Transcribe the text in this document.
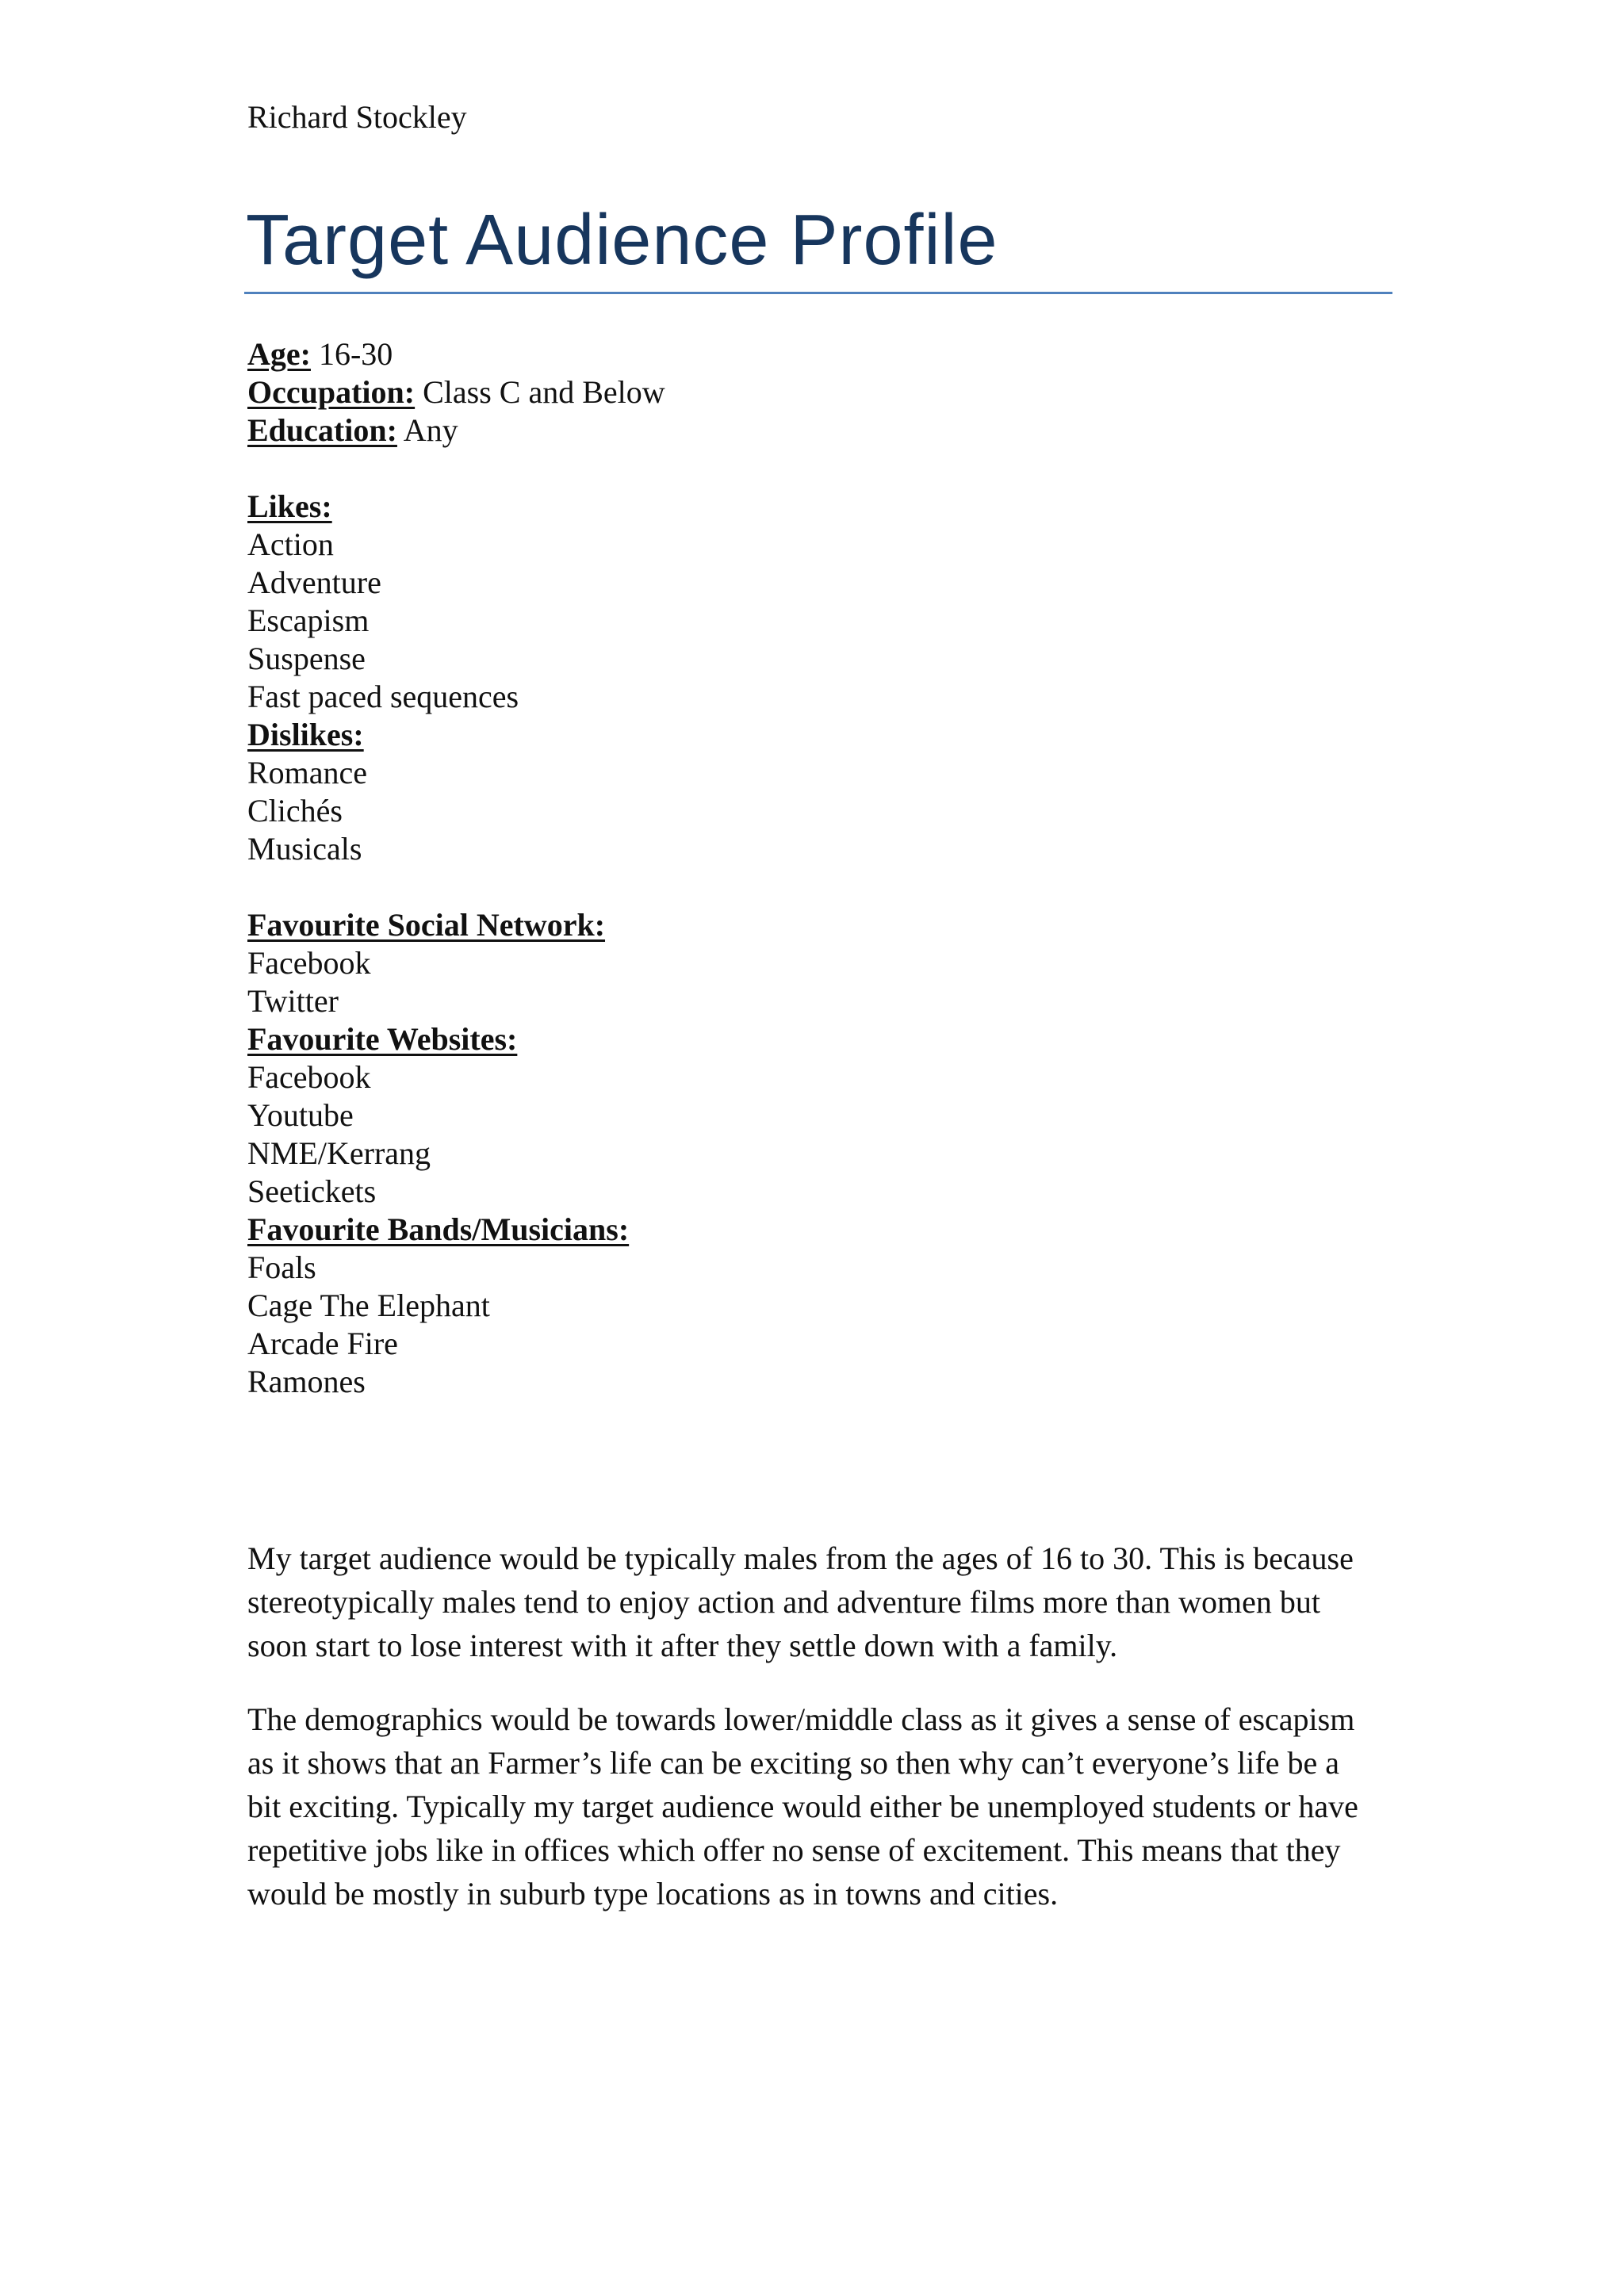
Richard Stockley
Target Audience Profile
Age: 16-30
Occupation: Class C and Below
Education: Any
Likes:
Action
Adventure
Escapism
Suspense
Fast paced sequences
Dislikes:
Romance
Clichés
Musicals
Favourite Social Network:
Facebook
Twitter
Favourite Websites:
Facebook
Youtube
NME/Kerrang
Seetickets
Favourite Bands/Musicians:
Foals
Cage The Elephant
Arcade Fire
Ramones

My target audience would be typically males from the ages of 16 to 30. This is because stereotypically males tend to enjoy action and adventure films more than women but soon start to lose interest with it after they settle down with a family.

The demographics would be towards lower/middle class as it gives a sense of escapism as it shows that an Farmer’s life can be exciting so then why can’t everyone’s life be a bit exciting. Typically my target audience would either be unemployed students or have repetitive jobs like in offices which offer no sense of excitement. This means that they would be mostly in suburb type locations as in towns and cities.
